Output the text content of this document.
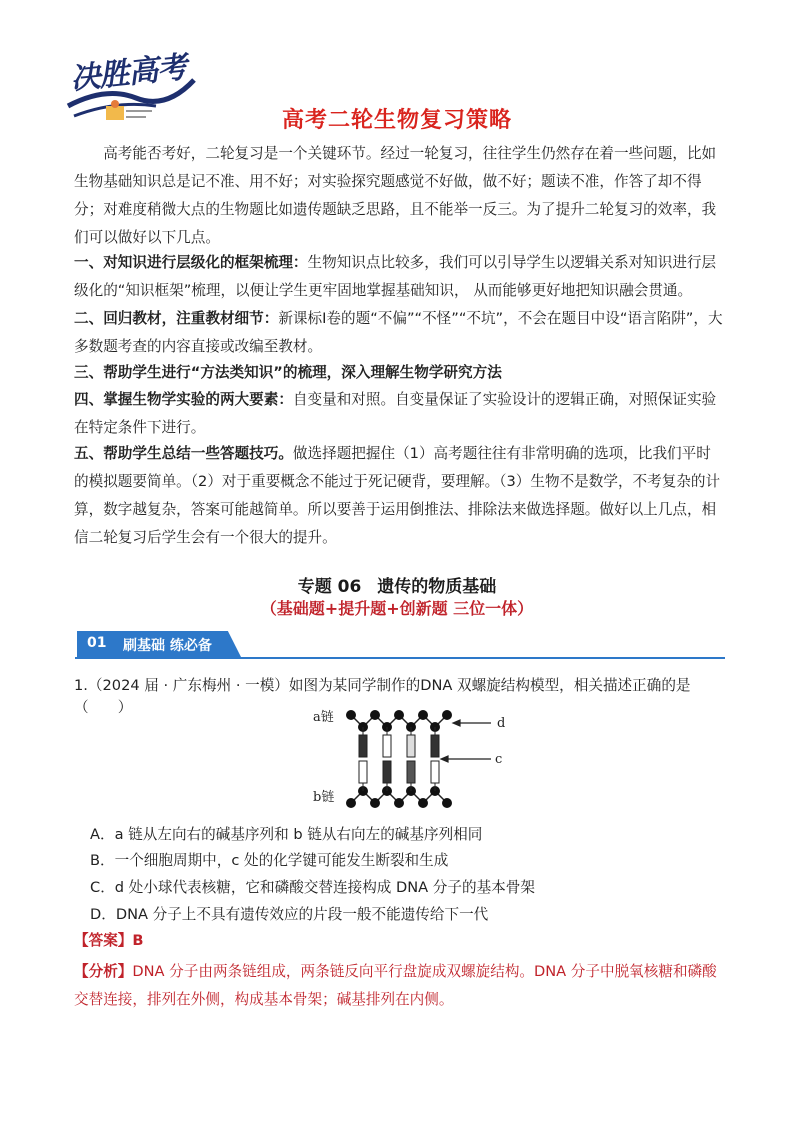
决胜高考
高考二轮生物复习策略

高考能否考好，二轮复习是一个关键环节。经过一轮复习，往往学生仍然存在着一些问题，比如生物基础知识总是记不准、用不好；对实验探究题感觉不好做，做不好；题读不准，作答了却不得分；对难度稍微大点的生物题比如遗传题缺乏思路，且不能举一反三。为了提升二轮复习的效率，我们可以做好以下几点。

一、对知识进行层级化的框架梳理：生物知识点比较多，我们可以引导学生以逻辑关系对知识进行层级化的“知识框架”梳理，以便让学生更牢固地掌握基础知识， 从而能够更好地把知识融会贯通。

二、回归教材，注重教材细节：新课标Ⅰ卷的题“不偏”“不怪”“不坑”，不会在题目中设“语言陷阱”，大多数题考查的内容直接或改编至教材。

三、帮助学生进行“方法类知识”的梳理，深入理解生物学研究方法

四、掌握生物学实验的两大要素：自变量和对照。自变量保证了实验设计的逻辑正确，对照保证实验在特定条件下进行。

五、帮助学生总结一些答题技巧。做选择题把握住（1）高考题往往有非常明确的选项，比我们平时的模拟题要简单。（2）对于重要概念不能过于死记硬背，要理解。（3）生物不是数学，不考复杂的计算，数字越复杂，答案可能越简单。所以要善于运用倒推法、排除法来做选择题。做好以上几点，相信二轮复习后学生会有一个很大的提升。

专题 06 遗传的物质基础
（基础题+提升题+创新题 三位一体）
01	刷基础 练必备
1.（2024 届 · 广东梅州 · 一模）如图为某同学制作的DNA 双螺旋结构模型，相关描述正确的是（　　）
a链
b链
d
c
A．a 链从左向右的碱基序列和 b 链从右向左的碱基序列相同
B．一个细胞周期中，c 处的化学键可能发生断裂和生成
C．d 处小球代表核糖，它和磷酸交替连接构成 DNA 分子的基本骨架
D．DNA 分子上不具有遗传效应的片段一般不能遗传给下一代
【答案】B

【分析】DNA 分子由两条链组成，两条链反向平行盘旋成双螺旋结构。DNA 分子中脱氧核糖和磷酸交替连接，排列在外侧，构成基本骨架；碱基排列在内侧。
